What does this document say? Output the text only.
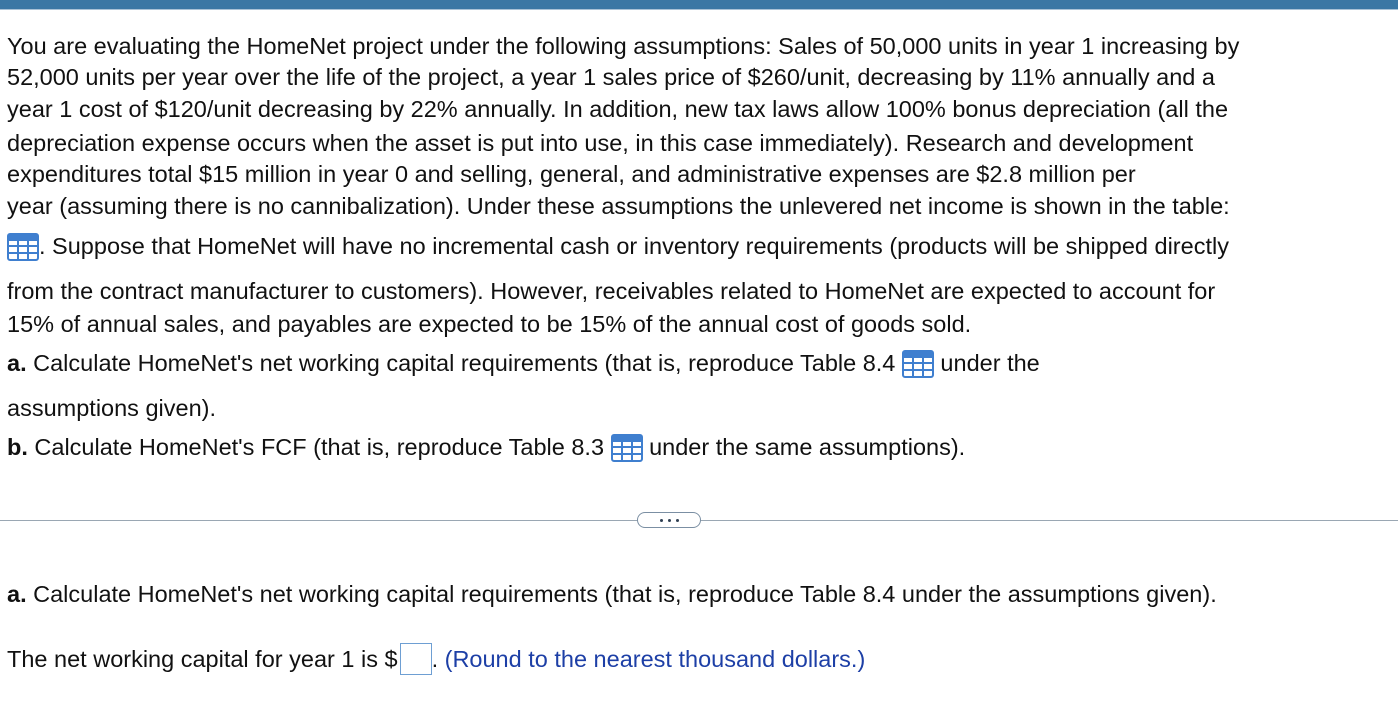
You are evaluating the HomeNet project under the following assumptions: Sales of 50,000 units in year 1 increasing by
52,000 units per year over the life of the project, a year 1 sales price of $260/unit, decreasing by 11% annually and a
year 1 cost of $120/unit decreasing by 22% annually. In addition, new tax laws allow 100% bonus depreciation (all the
depreciation expense occurs when the asset is put into use, in this case immediately). Research and development
expenditures total $15 million in year 0 and selling, general, and administrative expenses are $2.8 million per
year (assuming there is no cannibalization). Under these assumptions the unlevered net income is shown in the table:
. Suppose that HomeNet will have no incremental cash or inventory requirements (products will be shipped directly
from the contract manufacturer to customers). However, receivables related to HomeNet are expected to account for
15% of annual sales, and payables are expected to be 15% of the annual cost of goods sold.
a. Calculate HomeNet's net working capital requirements (that is, reproduce Table 8.4
under the
assumptions given).
b. Calculate HomeNet's FCF (that is, reproduce Table 8.3
under the same assumptions).
a. Calculate HomeNet's net working capital requirements (that is, reproduce Table 8.4 under the assumptions given).
The net working capital for year 1 is $ . (Round to the nearest thousand dollars.)
